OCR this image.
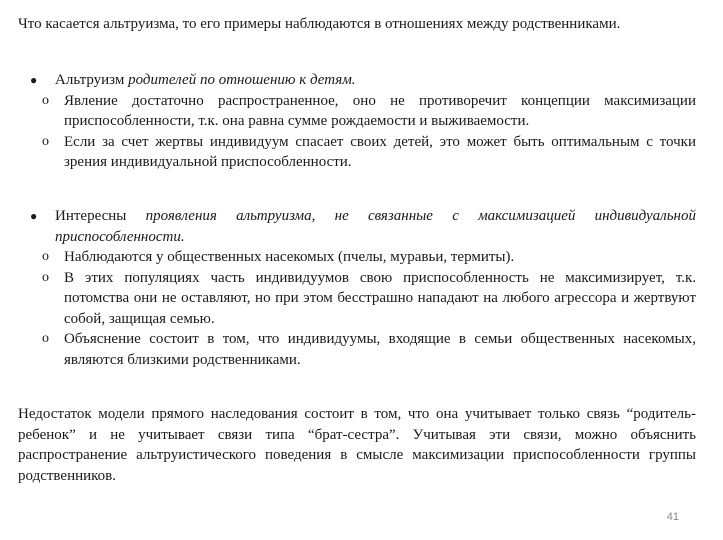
Что касается альтруизма, то его примеры наблюдаются в отношениях между родственниками.
● Альтруизм родителей по отношению к детям.
o Явление достаточно распространенное, оно не противоречит концепции максимизации приспособленности, т.к. она равна сумме рождаемости и выживаемости.
o Если за счет жертвы индивидуум спасает своих детей, это может быть оптимальным с точки зрения индивидуальной приспособленности.
● Интересны проявления альтруизма, не связанные с максимизацией индивидуальной приспособленности.
o Наблюдаются у общественных насекомых (пчелы, муравьи, термиты).
o В этих популяциях часть индивидуумов свою приспособленность не максимизирует, т.к. потомства они не оставляют, но при этом бесстрашно нападают на любого агрессора и жертвуют собой, защищая семью.
o Объяснение состоит в том, что индивидуумы, входящие в семьи общественных насекомых, являются близкими родственниками.
Недостаток модели прямого наследования состоит в том, что она учитывает только связь “родитель-ребенок” и не учитывает связи типа “брат-сестра”. Учитывая эти связи, можно объяснить распространение альтруистического поведения в смысле максимизации приспособленности группы родственников.
41
